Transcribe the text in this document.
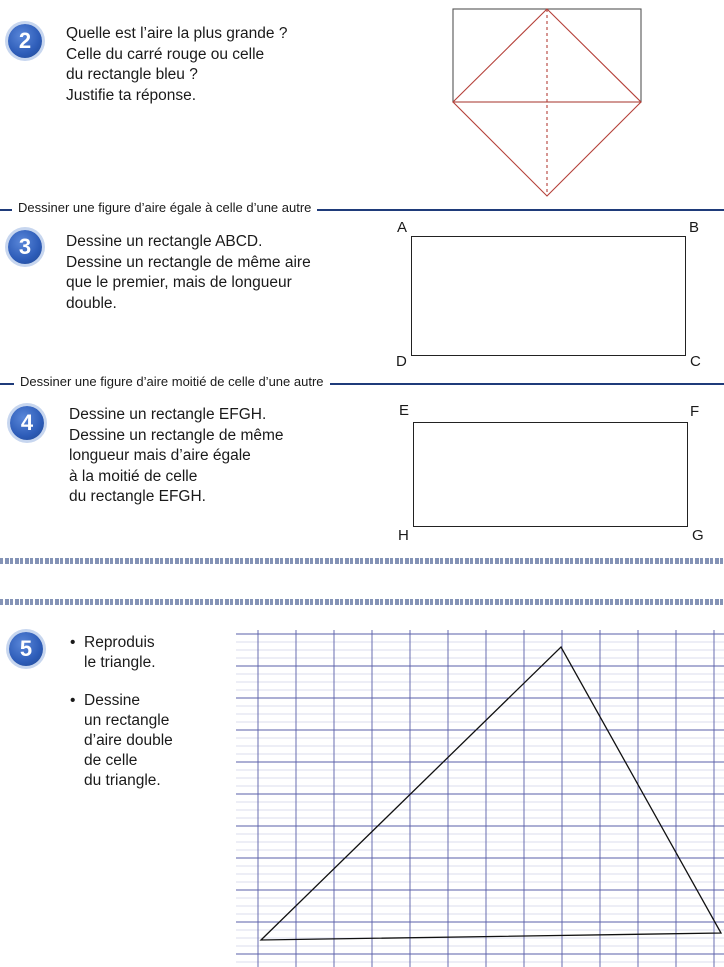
2 Quelle est l’aire la plus grande ?
Celle du carré rouge ou celle
du rectangle bleu ?
Justifie ta réponse.
Dessiner une figure d’aire égale à celle d’une autre
3 Dessine un rectangle ABCD.
Dessine un rectangle de même aire
que le premier, mais de longueur
double.
A	B
D	C
Dessiner une figure d’aire moitié de celle d’une autre
4 Dessine un rectangle EFGH.
Dessine un rectangle de même
longueur mais d’aire égale
à la moitié de celle
du rectangle EFGH.
E	F
H	G
5
•	Reproduis
le triangle.
• Dessine
un rectangle
d’aire double
de celle
du triangle.
